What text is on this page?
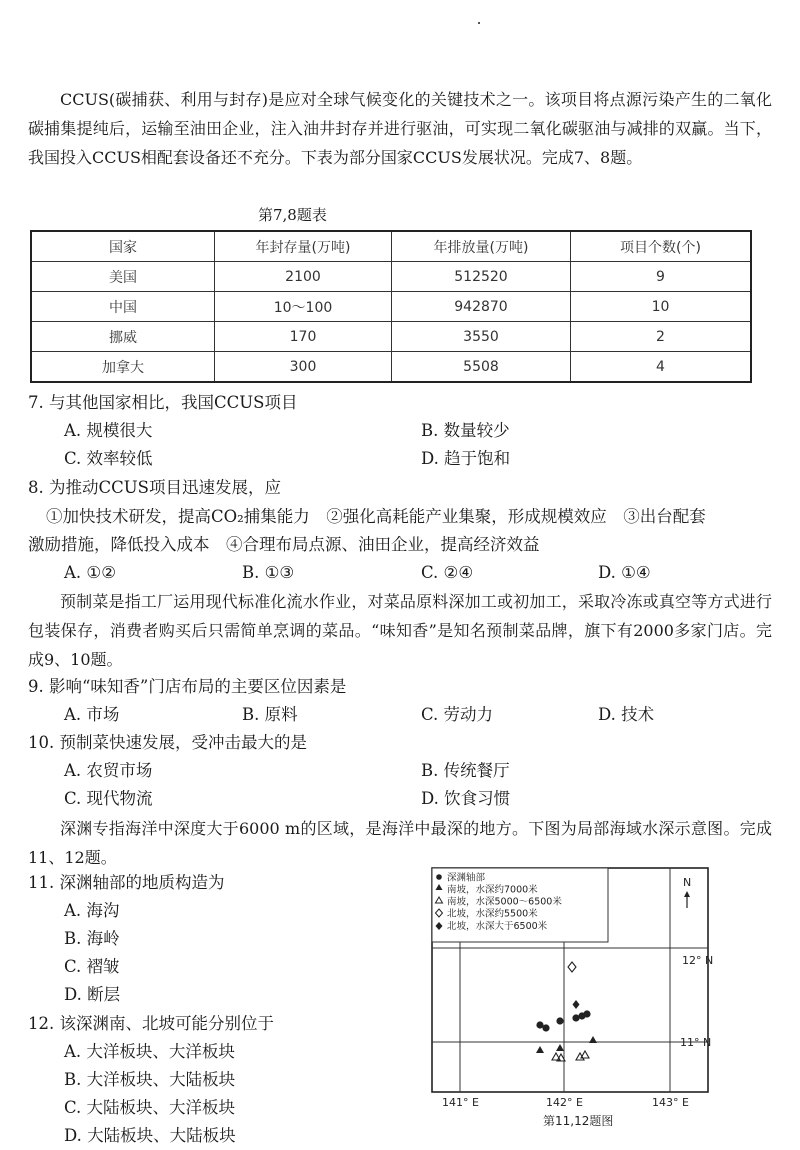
CCUS(碳捕获、利用与封存)是应对全球气候变化的关键技术之一。该项目将点源污染产生的二氧化碳捕集提纯后，运输至油田企业，注入油井封存并进行驱油，可实现二氧化碳驱油与减排的双赢。当下，我国投入CCUS相配套设备还不充分。下表为部分国家CCUS发展状况。完成7、8题。
第7,8题表
国家	年封存量(万吨)	年排放量(万吨)	项目个数(个)
美国	2100	512520	9
中国	10～100	942870	10
挪威	170	3550	2
加拿大	300	5508	4
7. 与其他国家相比，我国CCUS项目
A. 规模很大	B. 数量较少
C. 效率较低	D. 趋于饱和
8. 为推动CCUS项目迅速发展，应
①加快技术研发，提高CO₂捕集能力　②强化高耗能产业集聚，形成规模效应　③出台配套
激励措施，降低投入成本　④合理布局点源、油田企业，提高经济效益
A. ①②	B. ①③	C. ②④	D. ①④
预制菜是指工厂运用现代标准化流水作业，对菜品原料深加工或初加工，采取冷冻或真空等方式进行包装保存，消费者购买后只需简单烹调的菜品。“味知香”是知名预制菜品牌，旗下有2000多家门店。完成9、10题。
9. 影响“味知香”门店布局的主要区位因素是
A. 市场	B. 原料	C. 劳动力	D. 技术
10. 预制菜快速发展，受冲击最大的是
A. 农贸市场	B. 传统餐厅
C. 现代物流	D. 饮食习惯
深渊专指海洋中深度大于6000 m的区域，是海洋中最深的地方。下图为局部海域水深示意图。完成11、12题。
11. 深渊轴部的地质构造为
A. 海沟
B. 海岭
C. 褶皱
D. 断层
12. 该深渊南、北坡可能分别位于
A. 大洋板块、大洋板块
B. 大洋板块、大陆板块
C. 大陆板块、大洋板块
D. 大陆板块、大陆板块
深渊轴部
南坡，水深约7000米
南坡，水深5000～6500米
北坡，水深约5500米
北坡，水深大于6500米
N
12° N
11° N
141° E	142° E	143° E
第11,12题图
